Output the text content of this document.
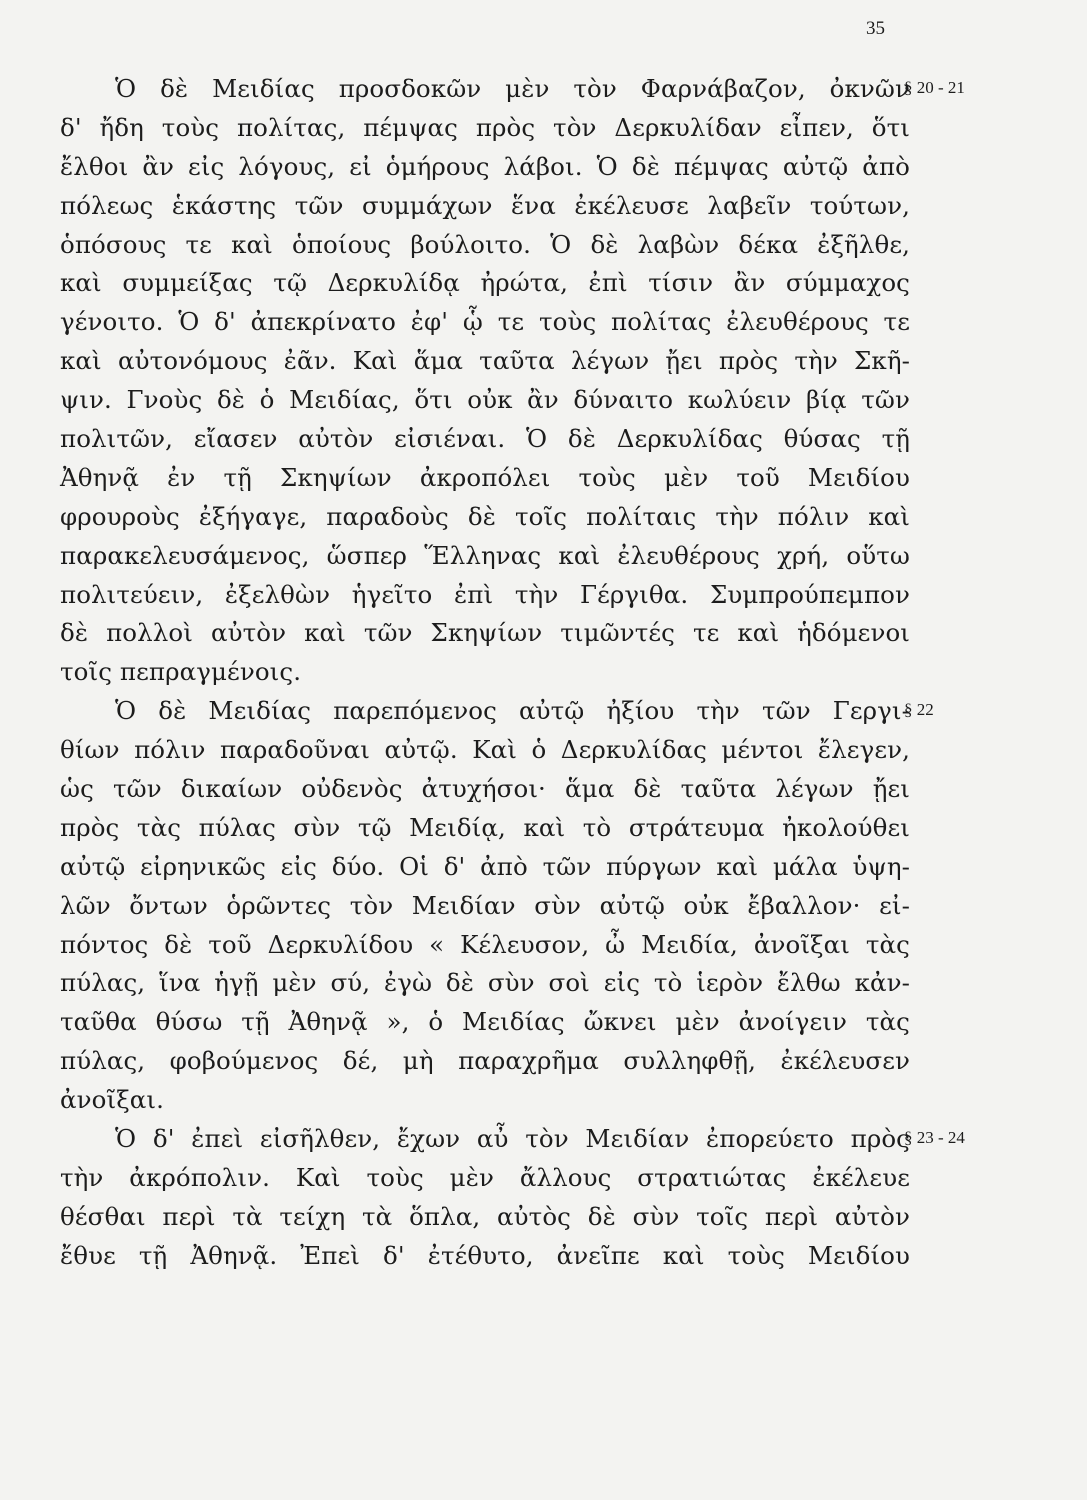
35
Ὁ δὲ Μειδίας προσδοκῶν μὲν τὸν Φαρνάβαζον, ὀκνῶν
δ' ἤδη τοὺς πολίτας, πέμψας πρὸς τὸν Δερκυλίδαν εἶπεν, ὅτι
ἔλθοι ἂν εἰς λόγους, εἰ ὁμήρους λάβοι. Ὁ δὲ πέμψας αὐτῷ ἀπὸ
πόλεως ἑκάστης τῶν συμμάχων ἕνα ἐκέλευσε λαβεῖν τούτων,
ὁπόσους τε καὶ ὁποίους βούλοιτο. Ὁ δὲ λαβὼν δέκα ἐξῆλθε,
καὶ συμμείξας τῷ Δερκυλίδᾳ ἠρώτα, ἐπὶ τίσιν ἂν σύμμαχος
γένοιτο. Ὁ δ' ἀπεκρίνατο ἐφ' ᾧ τε τοὺς πολίτας ἐλευθέρους τε
καὶ αὐτονόμους ἐᾶν. Καὶ ἅμα ταῦτα λέγων ᾔει πρὸς τὴν Σκῆ-
ψιν. Γνοὺς δὲ ὁ Μειδίας, ὅτι οὐκ ἂν δύναιτο κωλύειν βίᾳ τῶν
πολιτῶν, εἴασεν αὐτὸν εἰσιέναι. Ὁ δὲ Δερκυλίδας θύσας τῇ
Ἀθηνᾷ ἐν τῇ Σκηψίων ἀκροπόλει τοὺς μὲν τοῦ Μειδίου
φρουροὺς ἐξήγαγε, παραδοὺς δὲ τοῖς πολίταις τὴν πόλιν καὶ
παρακελευσάμενος, ὥσπερ Ἕλληνας καὶ ἐλευθέρους χρή, οὕτω
πολιτεύειν, ἐξελθὼν ἡγεῖτο ἐπὶ τὴν Γέργιθα. Συμπρούπεμπον
δὲ πολλοὶ αὐτὸν καὶ τῶν Σκηψίων τιμῶντές τε καὶ ἡδόμενοι
τοῖς πεπραγμένοις.
Ὁ δὲ Μειδίας παρεπόμενος αὐτῷ ἠξίου τὴν τῶν Γεργι-
θίων πόλιν παραδοῦναι αὐτῷ. Καὶ ὁ Δερκυλίδας μέντοι ἔλεγεν,
ὡς τῶν δικαίων οὐδενὸς ἀτυχήσοι· ἅμα δὲ ταῦτα λέγων ᾔει
πρὸς τὰς πύλας σὺν τῷ Μειδίᾳ, καὶ τὸ στράτευμα ἠκολούθει
αὐτῷ εἰρηνικῶς εἰς δύο. Οἱ δ' ἀπὸ τῶν πύργων καὶ μάλα ὑψη-
λῶν ὄντων ὁρῶντες τὸν Μειδίαν σὺν αὐτῷ οὐκ ἔβαλλον· εἰ-
πόντος δὲ τοῦ Δερκυλίδου « Κέλευσον, ὦ Μειδία, ἀνοῖξαι τὰς
πύλας, ἵνα ἡγῇ μὲν σύ, ἐγὼ δὲ σὺν σοὶ εἰς τὸ ἱερὸν ἔλθω κἀν-
ταῦθα θύσω τῇ Ἀθηνᾷ », ὁ Μειδίας ὤκνει μὲν ἀνοίγειν τὰς
πύλας, φοβούμενος δέ, μὴ παραχρῆμα συλληφθῇ, ἐκέλευσεν
ἀνοῖξαι.
Ὁ δ' ἐπεὶ εἰσῆλθεν, ἔχων αὖ τὸν Μειδίαν ἐπορεύετο πρὸς
τὴν ἀκρόπολιν. Καὶ τοὺς μὲν ἄλλους στρατιώτας ἐκέλευε
θέσθαι περὶ τὰ τείχη τὰ ὅπλα, αὐτὸς δὲ σὺν τοῖς περὶ αὐτὸν
ἔθυε τῇ Ἀθηνᾷ. Ἐπεὶ δ' ἐτέθυτο, ἀνεῖπε καὶ τοὺς Μειδίου
§ 20 - 21
§ 22
§ 23 - 24
